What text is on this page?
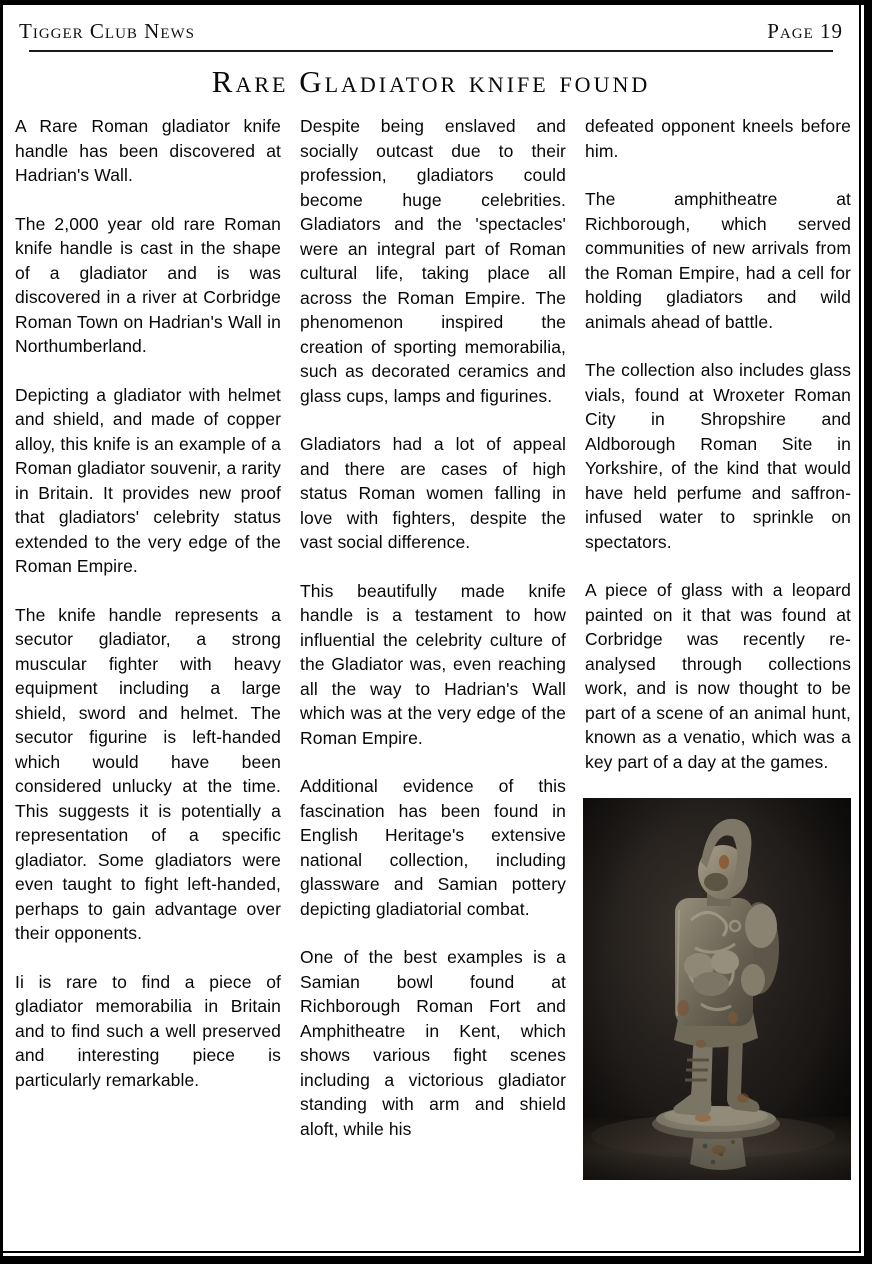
Tigger Club News	Page 19
Rare Gladiator knife found

A Rare Roman gladiator knife handle has been discovered at Hadrian's Wall.

The 2,000 year old rare Roman knife handle is cast in the shape of a gladiator and is was discovered in a river at Corbridge Roman Town on Hadrian's Wall in Northumberland.

Depicting a gladiator with helmet and shield, and made of copper alloy, this knife is an example of a Roman gladiator souvenir, a rarity in Britain. It provides new proof that gladiators' celebrity status extended to the very edge of the Roman Empire.

The knife handle represents a secutor gladiator, a strong muscular fighter with heavy equipment including a large shield, sword and helmet. The secutor figurine is left-handed which would have been considered unlucky at the time. This suggests it is potentially a representation of a specific gladiator. Some gladiators were even taught to fight left-handed, perhaps to gain advantage over their opponents.

Ii is rare to find a piece of gladiator memorabilia in Britain and to find such a well preserved and interesting piece is particularly remarkable.

Despite being enslaved and socially outcast due to their profession, gladiators could become huge celebrities. Gladiators and the 'spectacles' were an integral part of Roman cultural life, taking place all across the Roman Empire. The phenomenon inspired the creation of sporting memorabilia, such as decorated ceramics and glass cups, lamps and figurines.

Gladiators had a lot of appeal and there are cases of high status Roman women falling in love with fighters, despite the vast social difference.

This beautifully made knife handle is a testament to how influential the celebrity culture of the Gladiator was, even reaching all the way to Hadrian's Wall which was at the very edge of the Roman Empire.

Additional evidence of this fascination has been found in English Heritage's extensive national collection, including glassware and Samian pottery depicting gladiatorial combat.

One of the best examples is a Samian bowl found at Richborough Roman Fort and Amphitheatre in Kent, which shows various fight scenes including a victorious gladiator standing with arm and shield aloft, while his

defeated opponent kneels before him.

The amphitheatre at Richborough, which served communities of new arrivals from the Roman Empire, had a cell for holding gladiators and wild animals ahead of battle.

The collection also includes glass vials, found at Wroxeter Roman City in Shropshire and Aldborough Roman Site in Yorkshire, of the kind that would have held perfume and saffron-infused water to sprinkle on spectators.

A piece of glass with a leopard painted on it that was found at Corbridge was recently re-analysed through collections work, and is now thought to be part of a scene of an animal hunt, known as a venatio, which was a key part of a day at the games.
